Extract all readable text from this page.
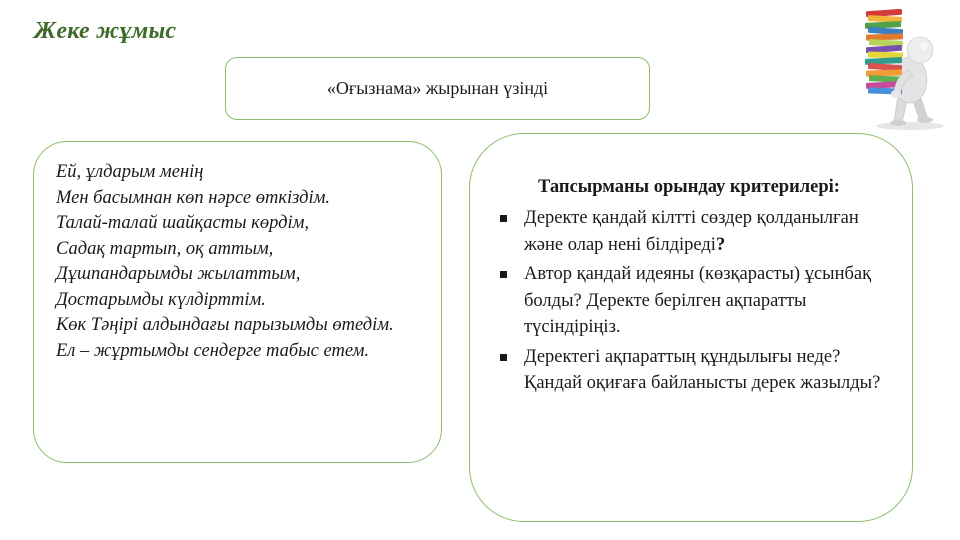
Жеке жұмыс
«Оғызнама» жырынан үзінді
Ей, ұлдарым менің
Мен басымнан көп нәрсе өткіздім.
Талай-талай шайқасты көрдім,
Садақ тартып, оқ аттым,
Дұшпандарымды жылаттым,
Достарымды күлдірттім.
Көк Тәңірі алдындағы парызымды өтедім.
Ел – жұртымды сендерге табыс етем.
Тапсырманы орындау критерилері:
Деректе қандай кілтті сөздер қолданылған және олар нені білдіреді?
Автор қандай идеяны (көзқарасты) ұсынбақ болды? Деректе берілген ақпаратты түсіндіріңіз.
Деректегі ақпараттың құндылығы неде? Қандай оқиғаға байланысты дерек жазылды?
